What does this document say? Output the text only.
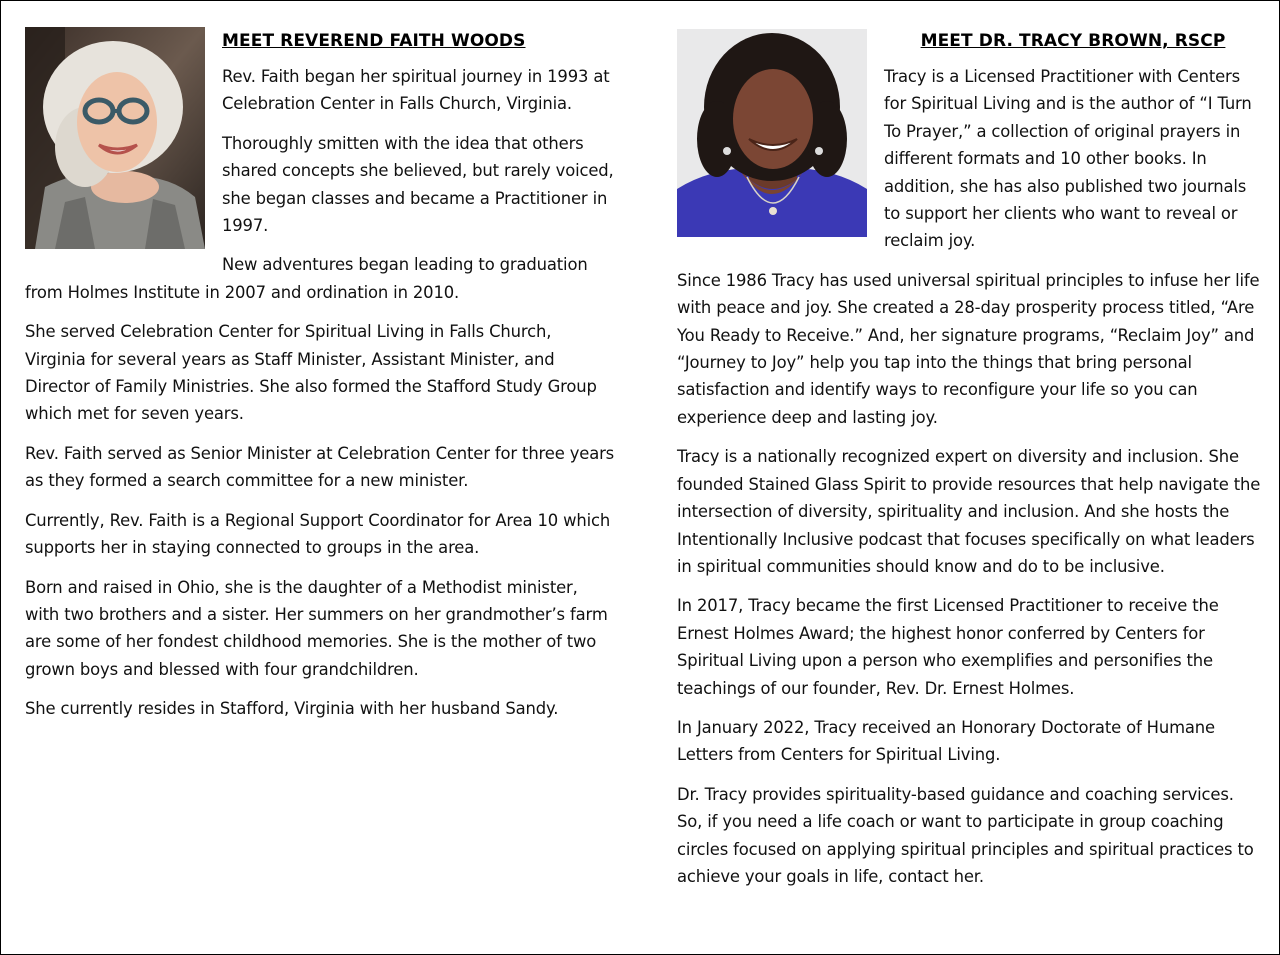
MEET REVEREND FAITH WOODS

Rev. Faith began her spiritual journey in 1993 at Celebration Center in Falls Church, Virginia.

Thoroughly smitten with the idea that others shared concepts she believed, but rarely voiced, she began classes and became a Practitioner in 1997.

New adventures began leading to graduation from Holmes Institute in 2007 and ordination in 2010.

She served Celebration Center for Spiritual Living in Falls Church, Virginia for several years as Staff Minister, Assistant Minister, and Director of Family Ministries. She also formed the Stafford Study Group which met for seven years.

Rev. Faith served as Senior Minister at Celebration Center for three years as they formed a search committee for a new minister.

Currently, Rev. Faith is a Regional Support Coordinator for Area 10 which supports her in staying connected to groups in the area.

Born and raised in Ohio, she is the daughter of a Methodist minister, with two brothers and a sister. Her summers on her grandmother’s farm are some of her fondest childhood memories. She is the mother of two grown boys and blessed with four grandchildren.

She currently resides in Stafford, Virginia with her husband Sandy.

MEET DR. TRACY BROWN, RSCP

Tracy is a Licensed Practitioner with Centers for Spiritual Living and is the author of “I Turn To Prayer,” a collection of original prayers in different formats and 10 other books. In addition, she has also published two journals to support her clients who want to reveal or reclaim joy.

Since 1986 Tracy has used universal spiritual principles to infuse her life with peace and joy. She created a 28-day prosperity process titled, “Are You Ready to Receive.” And, her signature programs, “Reclaim Joy” and “Journey to Joy” help you tap into the things that bring personal satisfaction and identify ways to reconfigure your life so you can experience deep and lasting joy.

Tracy is a nationally recognized expert on diversity and inclusion. She founded Stained Glass Spirit to provide resources that help navigate the intersection of diversity, spirituality and inclusion. And she hosts the Intentionally Inclusive podcast that focuses specifically on what leaders in spiritual communities should know and do to be inclusive.

In 2017, Tracy became the first Licensed Practitioner to receive the Ernest Holmes Award; the highest honor conferred by Centers for Spiritual Living upon a person who exemplifies and personifies the teachings of our founder, Rev. Dr. Ernest Holmes.

In January 2022, Tracy received an Honorary Doctorate of Humane Letters from Centers for Spiritual Living.

Dr. Tracy provides spirituality-based guidance and coaching services. So, if you need a life coach or want to participate in group coaching circles focused on applying spiritual principles and spiritual practices to achieve your goals in life, contact her.
